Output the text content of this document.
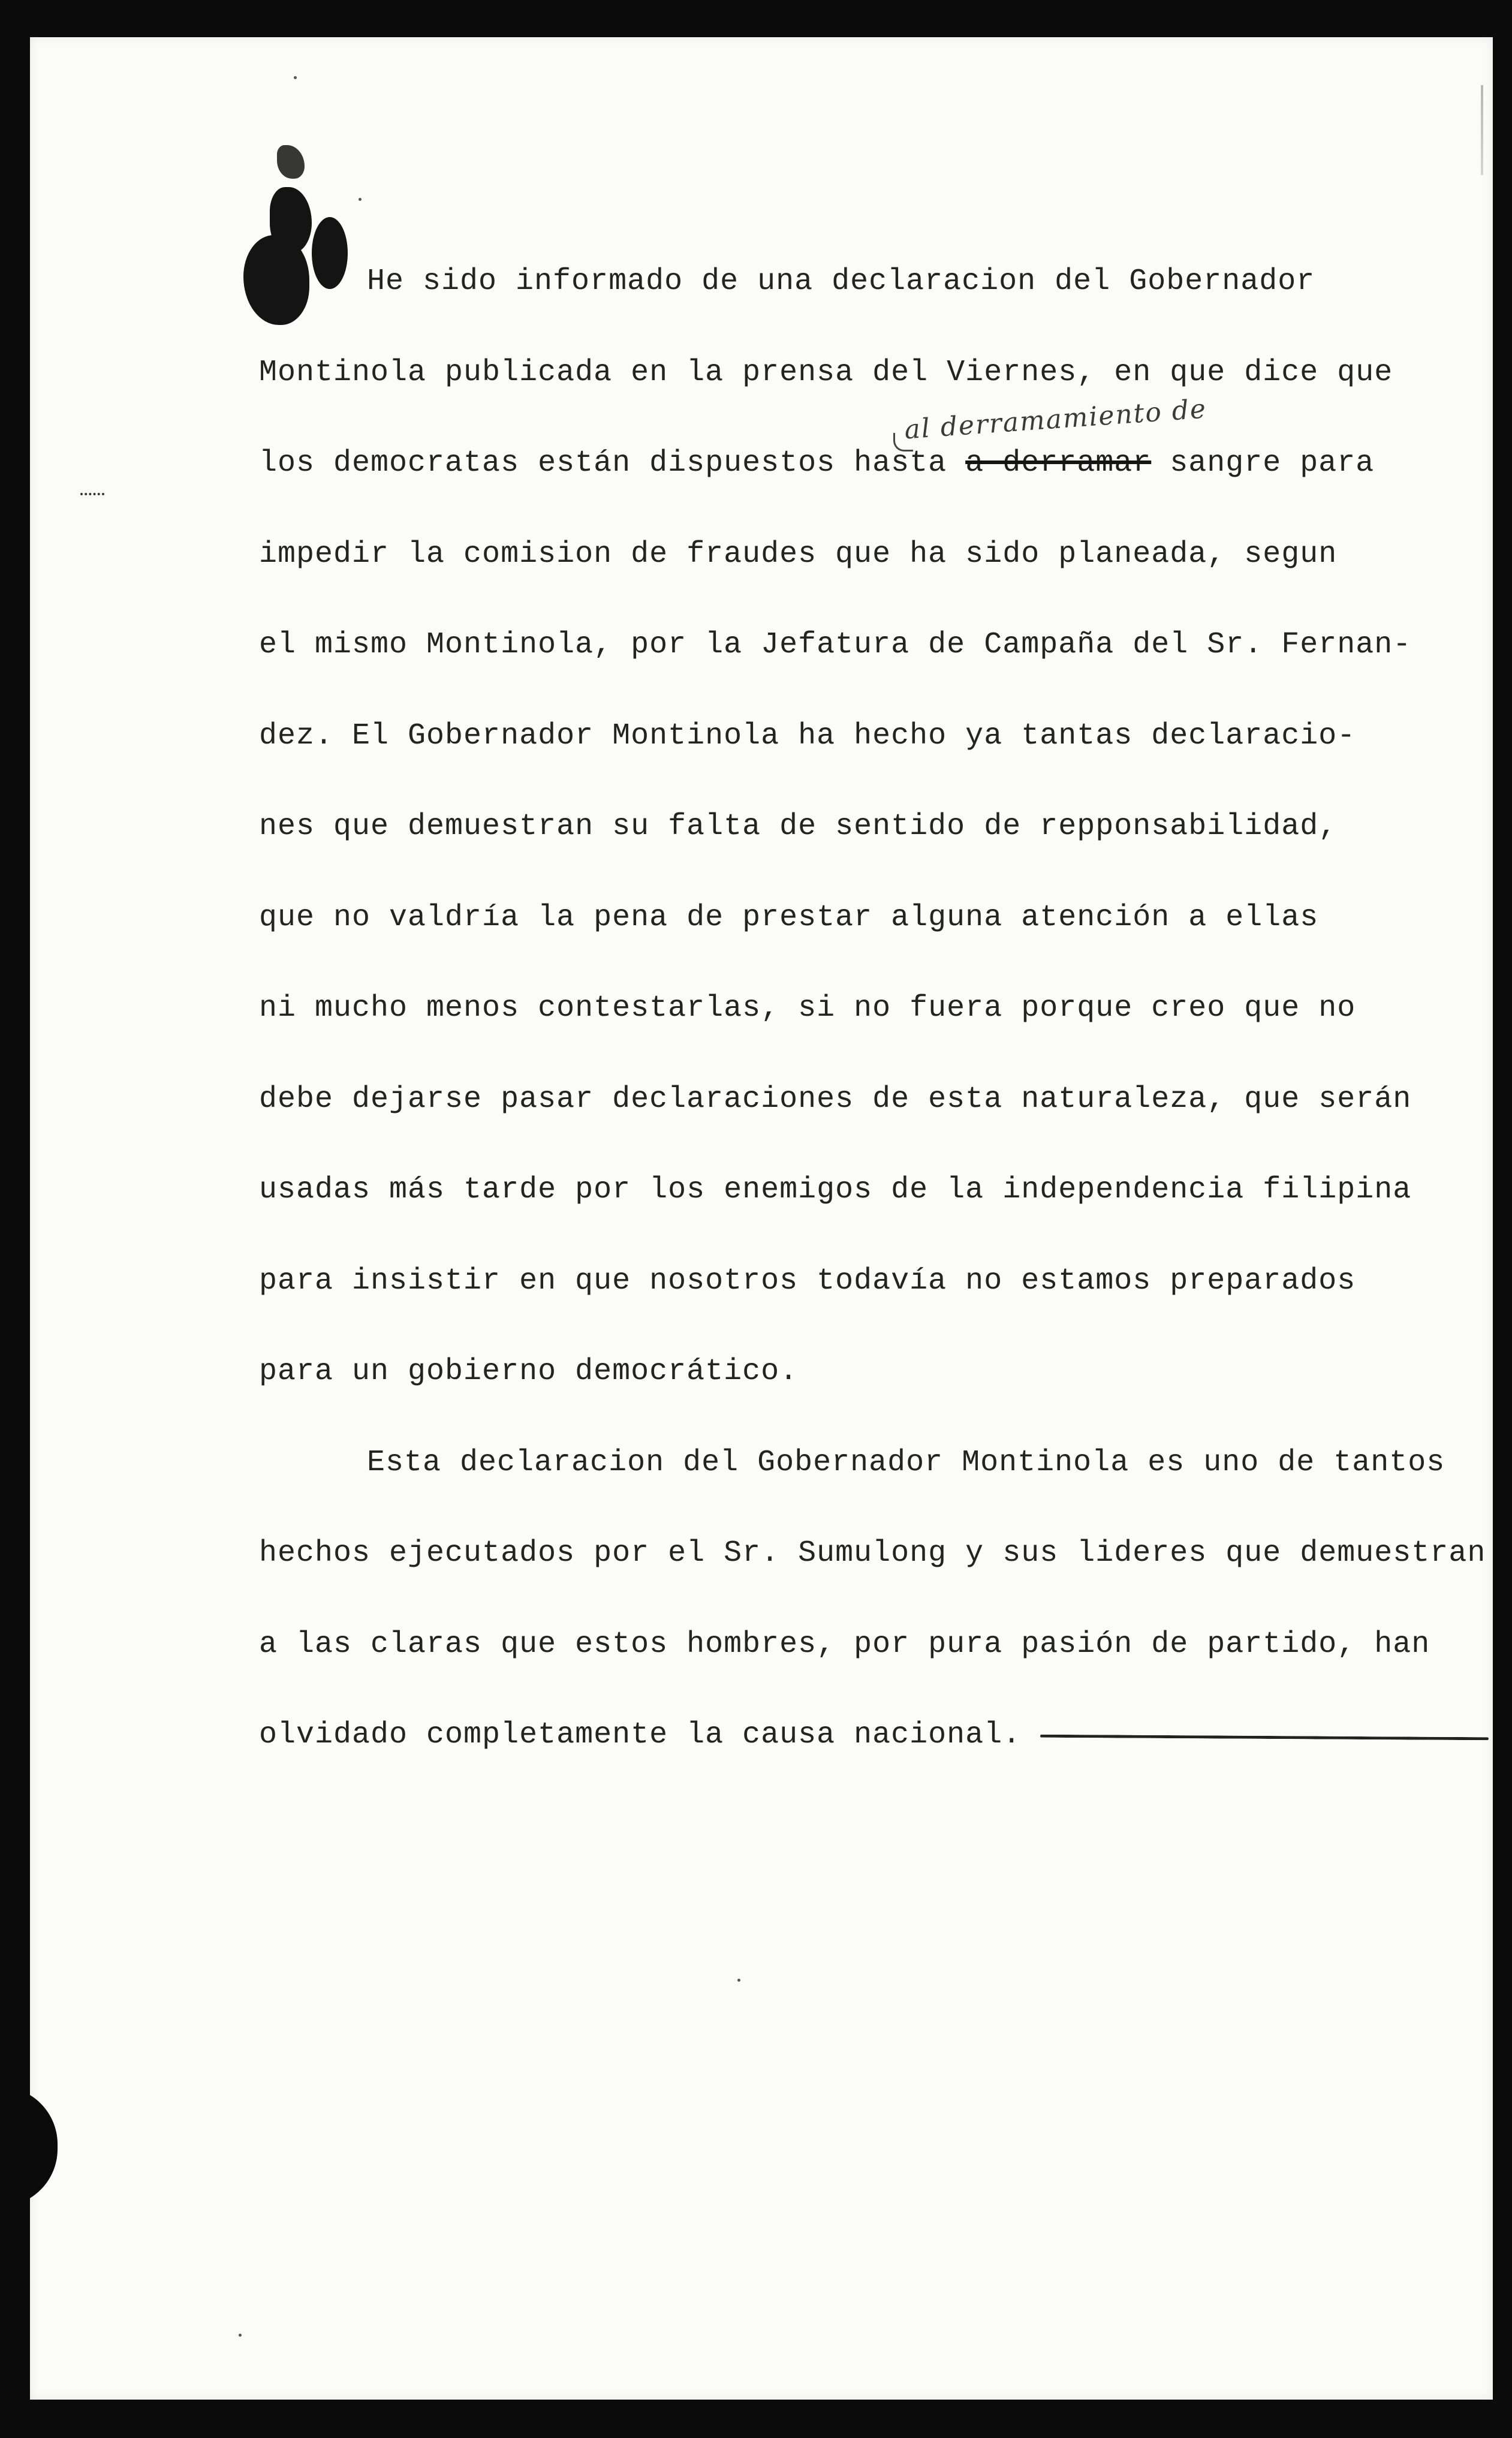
al derramamiento de
He sido informado de una declaracion del Gobernador
Montinola publicada en la prensa del Viernes, en que dice que
los democratas están dispuestos hasta a derramar sangre para
impedir la comision de fraudes que ha sido planeada, segun
el mismo Montinola, por la Jefatura de Campaña del Sr. Fernan-
dez. El Gobernador Montinola ha hecho ya tantas declaracio-
nes que demuestran su falta de sentido de repponsabilidad,
que no valdría la pena de prestar alguna atención a ellas
ni mucho menos contestarlas, si no fuera porque creo que no
debe dejarse pasar declaraciones de esta naturaleza, que serán
usadas más tarde por los enemigos de la independencia filipina
para insistir en que nosotros todavía no estamos preparados
para un gobierno democrático.
Esta declaracion del Gobernador Montinola es uno de tantos
hechos ejecutados por el Sr. Sumulong y sus lideres que demuestran
a las claras que estos hombres, por pura pasión de partido, han
olvidado completamente la causa nacional.
